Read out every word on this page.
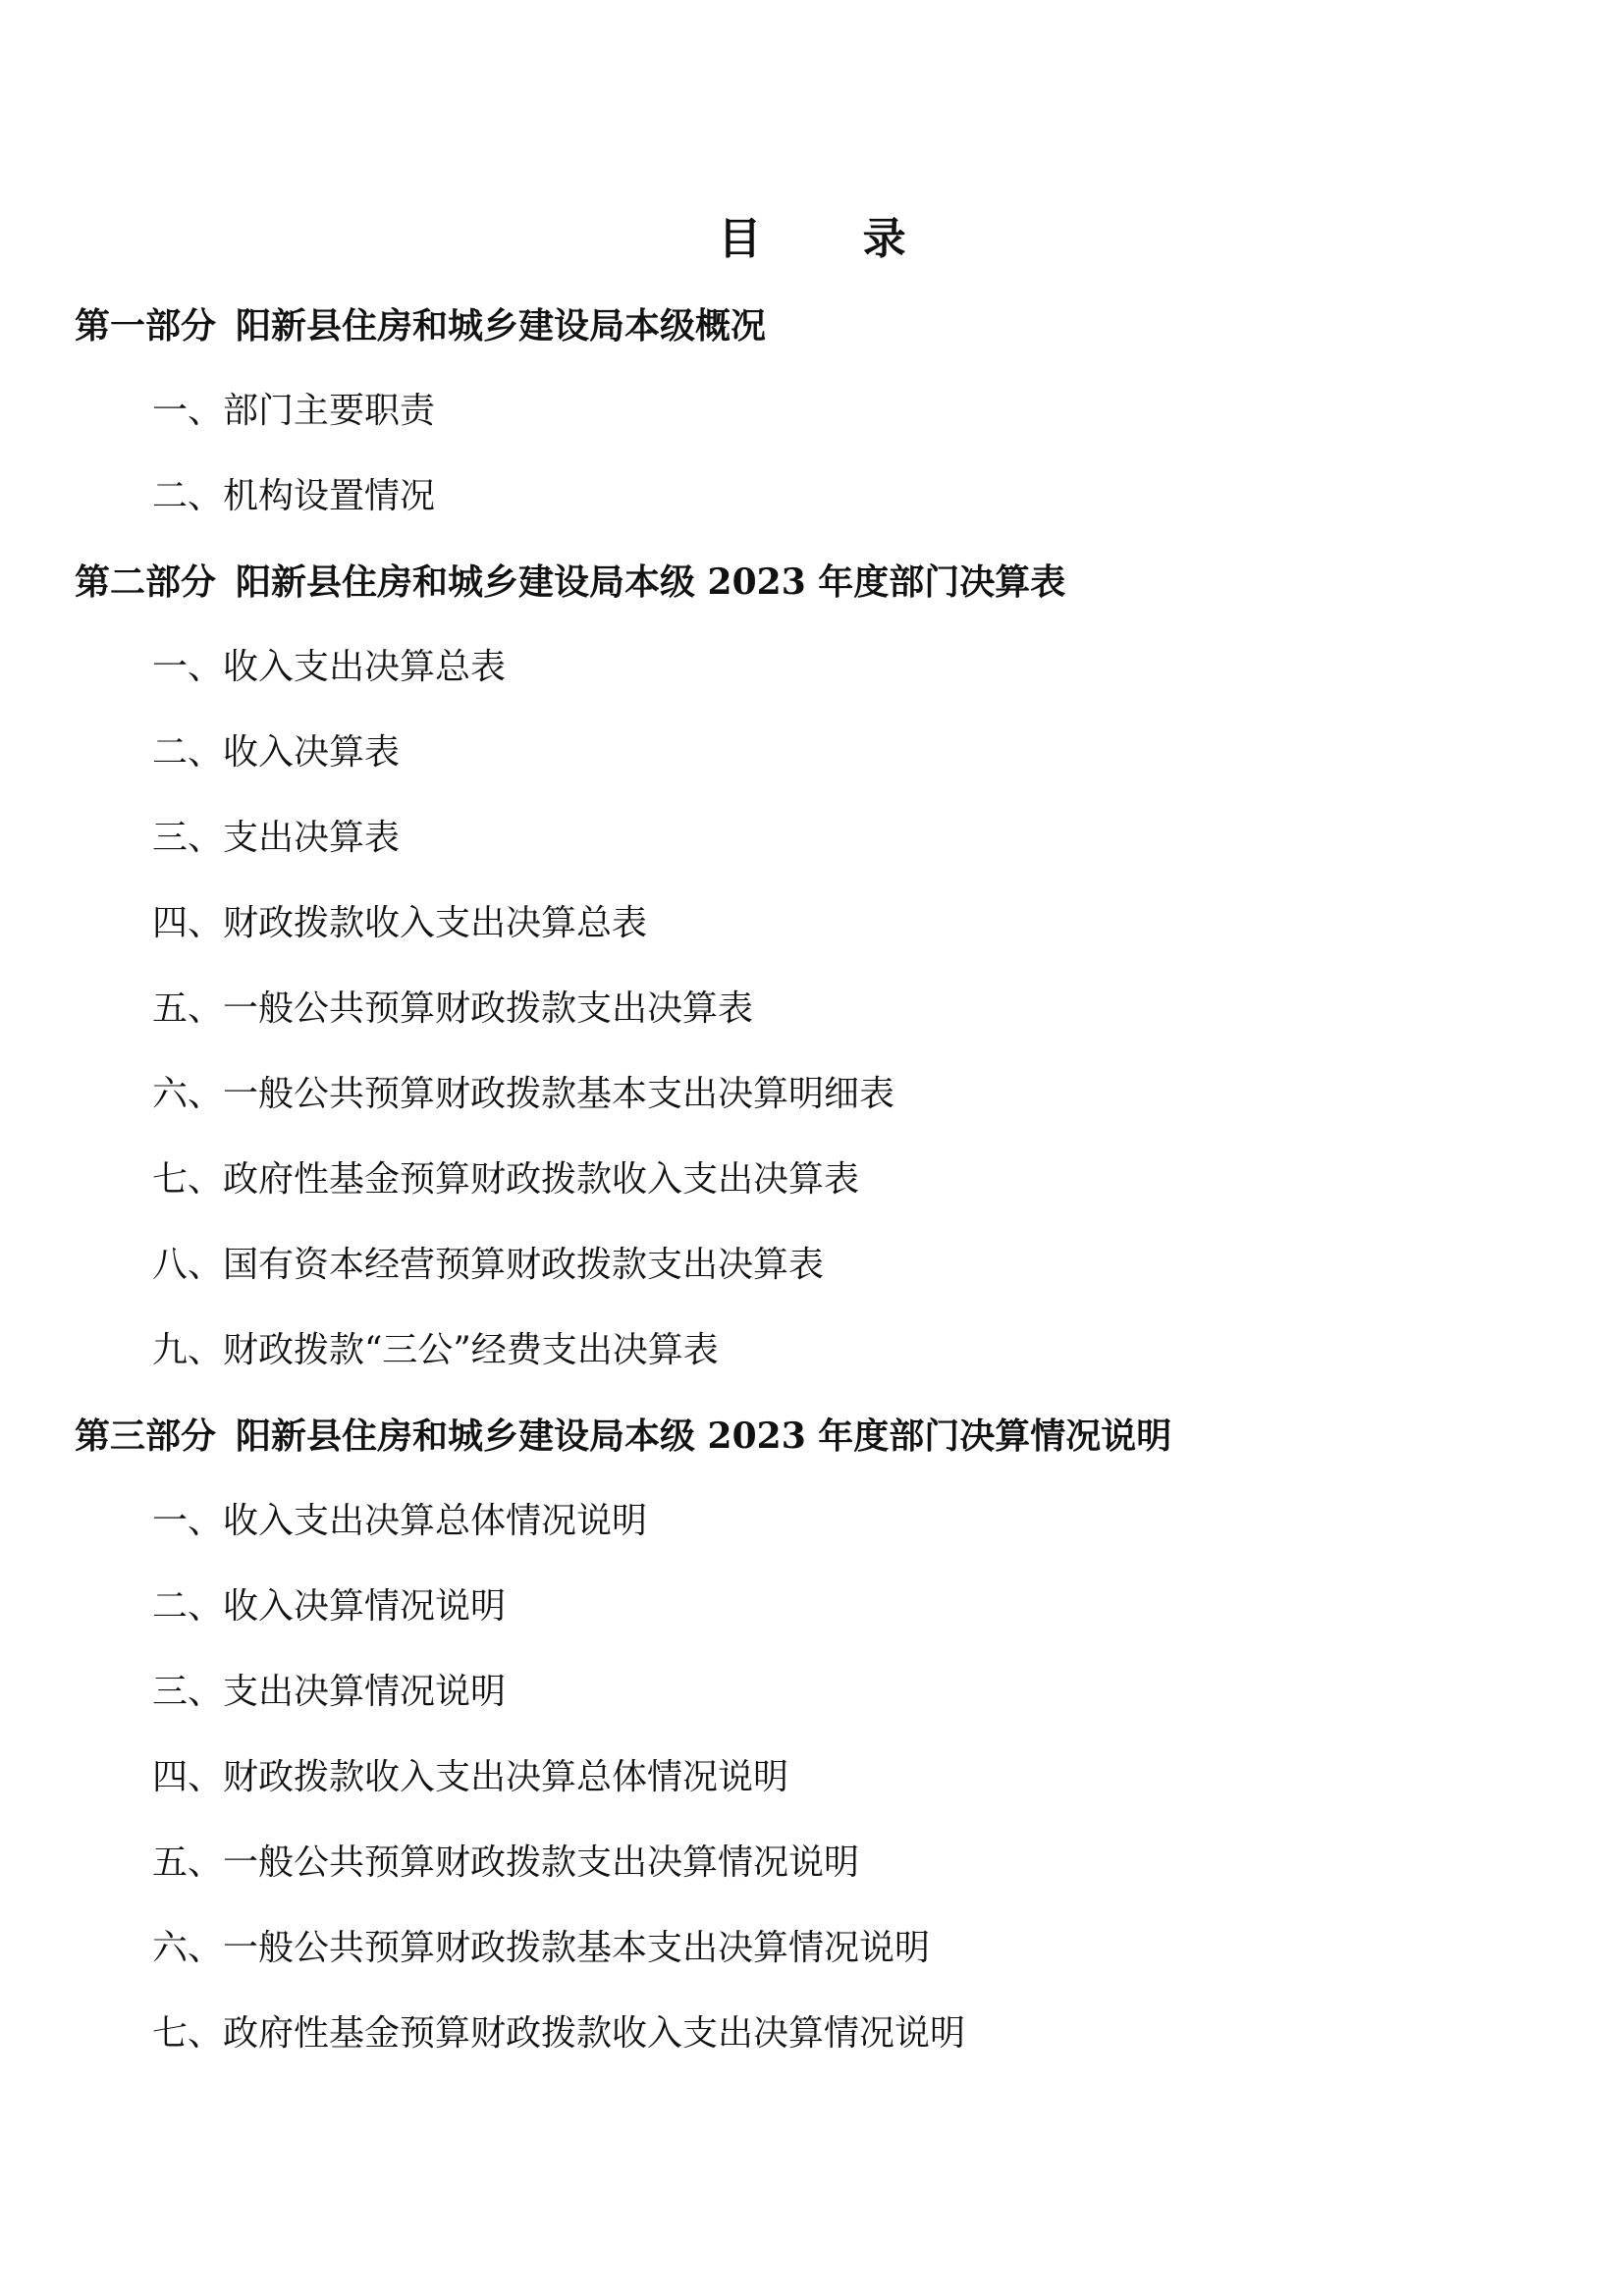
目 录
第一部分 阳新县住房和城乡建设局本级概况
一、部门主要职责
二、机构设置情况
第二部分 阳新县住房和城乡建设局本级 2023 年度部门决算表
一、收入支出决算总表
二、收入决算表
三、支出决算表
四、财政拨款收入支出决算总表
五、一般公共预算财政拨款支出决算表
六、一般公共预算财政拨款基本支出决算明细表
七、政府性基金预算财政拨款收入支出决算表
八、国有资本经营预算财政拨款支出决算表
九、财政拨款“三公”经费支出决算表
第三部分 阳新县住房和城乡建设局本级 2023 年度部门决算情况说明
一、收入支出决算总体情况说明
二、收入决算情况说明
三、支出决算情况说明
四、财政拨款收入支出决算总体情况说明
五、一般公共预算财政拨款支出决算情况说明
六、一般公共预算财政拨款基本支出决算情况说明
七、政府性基金预算财政拨款收入支出决算情况说明
